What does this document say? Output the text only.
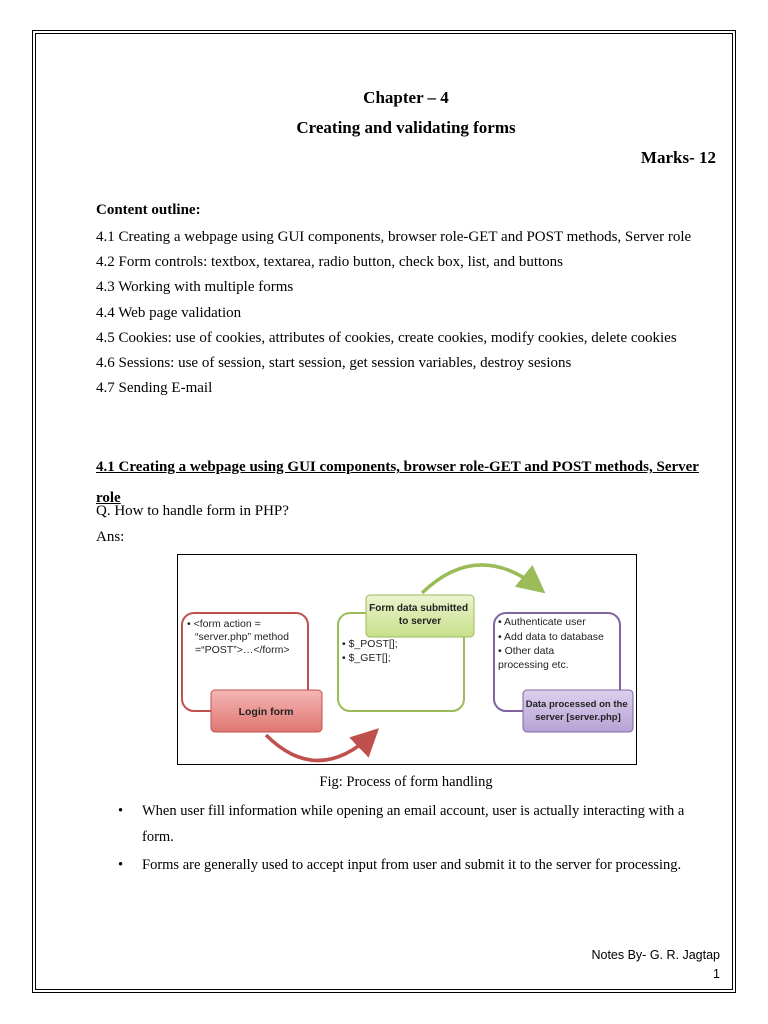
Chapter – 4
Creating and validating forms
Marks- 12
Content outline:
4.1 Creating a webpage using GUI components, browser role-GET and POST methods, Server role
4.2 Form controls: textbox, textarea, radio button, check box, list, and buttons
4.3 Working with multiple forms
4.4 Web page validation
4.5 Cookies: use of cookies, attributes of cookies, create cookies, modify cookies, delete cookies
4.6 Sessions: use of session, start session, get session variables, destroy sesions
4.7 Sending E-mail
4.1 Creating a webpage using GUI components, browser role-GET and POST methods, Server role
Q. How to handle form in PHP?
Ans:
• <form action = “server.php” method =“POST”>…</form>
Login form
Form data submitted to server
• $_POST[]; • $_GET[];
• Authenticate user • Add data to database • Other data processing etc.
Data processed on the server [server.php]
Fig: Process of form handling
• When user fill information while opening an email account, user is actually interacting with a form.
• Forms are generally used to accept input from user and submit it to the server for processing.
Notes By- G. R. Jagtap
1
